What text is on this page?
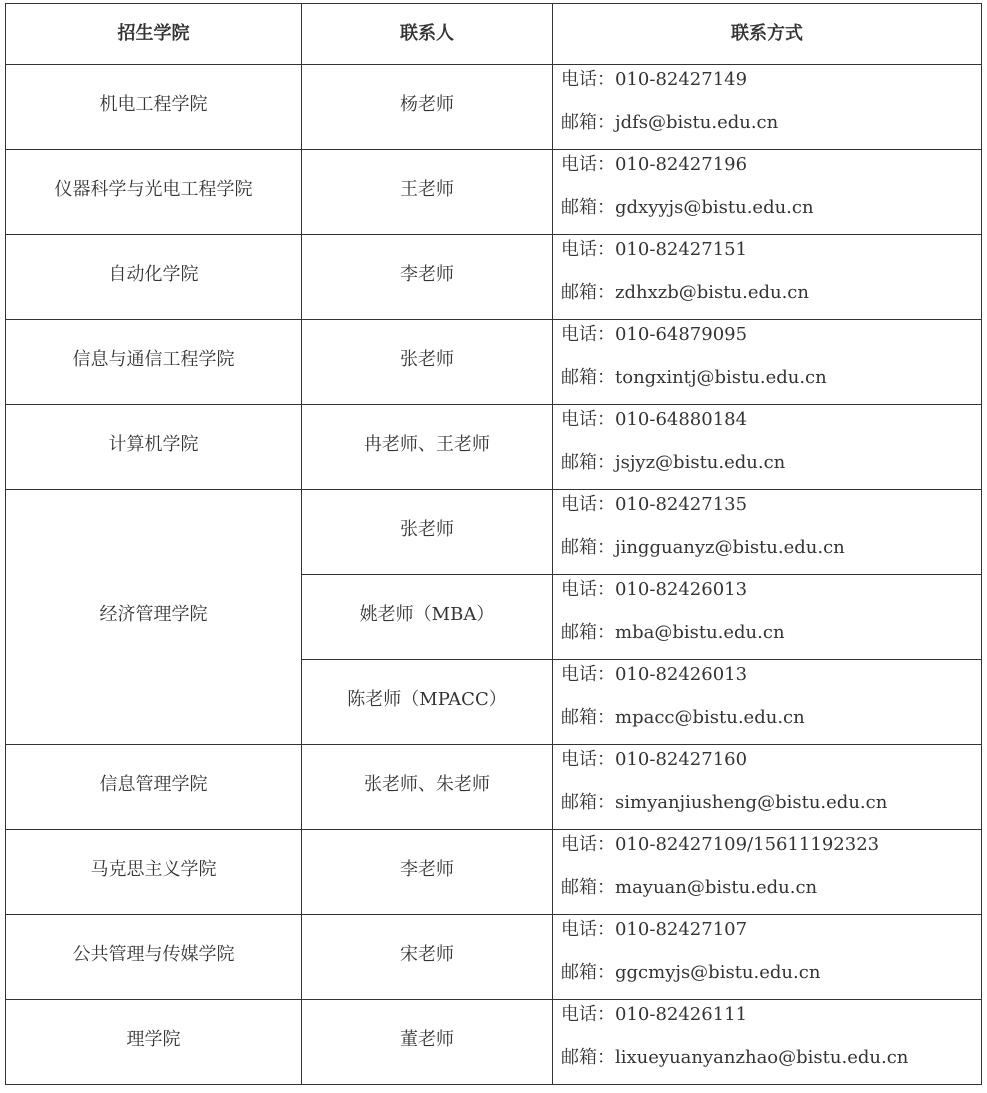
招生学院	联系人	联系方式
机电工程学院	杨老师	电话：010-82427149
邮箱：jdfs@bistu.edu.cn

仪器科学与光电工程学院	王老师	电话：010-82427196
邮箱：gdxyyjs@bistu.edu.cn

自动化学院	李老师	电话：010-82427151
邮箱：zdhxzb@bistu.edu.cn

信息与通信工程学院	张老师	电话：010-64879095
邮箱：tongxintj@bistu.edu.cn

计算机学院	冉老师、王老师	电话：010-64880184
邮箱：jsjyz@bistu.edu.cn

经济管理学院	张老师	电话：010-82427135
邮箱：jingguanyz@bistu.edu.cn

	姚老师（MBA）	电话：010-82426013
邮箱：mba@bistu.edu.cn

	陈老师（MPACC）	电话：010-82426013
邮箱：mpacc@bistu.edu.cn

信息管理学院	张老师、朱老师	电话：010-82427160
邮箱：simyanjiusheng@bistu.edu.cn

马克思主义学院	李老师	电话：010-82427109/15611192323
邮箱：mayuan@bistu.edu.cn

公共管理与传媒学院	宋老师	电话：010-82427107
邮箱：ggcmyjs@bistu.edu.cn

理学院	董老师	电话：010-82426111
邮箱：lixueyuanyanzhao@bistu.edu.cn
